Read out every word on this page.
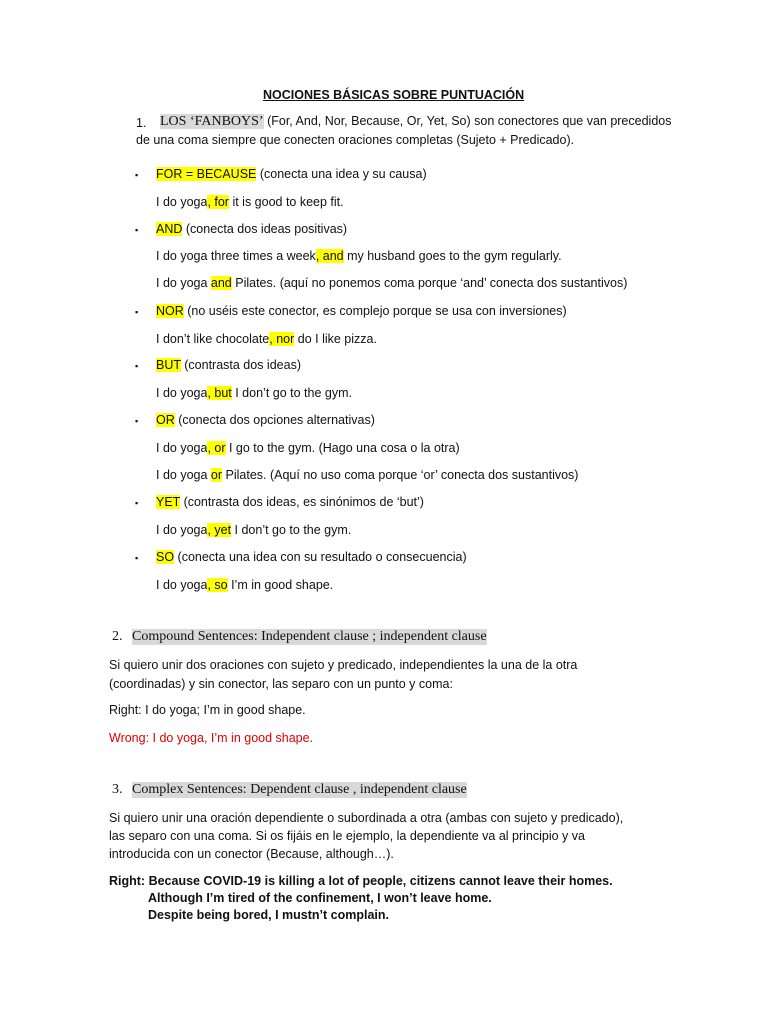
NOCIONES BÁSICAS SOBRE PUNTUACIÓN
1. LOS ‘FANBOYS’ (For, And, Nor, Because, Or, Yet, So) son conectores que van precedidos
de una coma siempre que conecten oraciones completas (Sujeto + Predicado).
▪ FOR = BECAUSE (conecta una idea y su causa)
I do yoga, for it is good to keep fit.
▪ AND (conecta dos ideas positivas)
I do yoga three times a week, and my husband goes to the gym regularly.
I do yoga and Pilates. (aquí no ponemos coma porque ‘and’ conecta dos sustantivos)
▪ NOR (no uséis este conector, es complejo porque se usa con inversiones)
I don’t like chocolate, nor do I like pizza.
▪ BUT (contrasta dos ideas)
I do yoga, but I don’t go to the gym.
▪ OR (conecta dos opciones alternativas)
I do yoga, or I go to the gym. (Hago una cosa o la otra)
I do yoga or Pilates. (Aquí no uso coma porque ‘or’ conecta dos sustantivos)
▪ YET (contrasta dos ideas, es sinónimos de ‘but’)
I do yoga, yet I don’t go to the gym.
▪ SO (conecta una idea con su resultado o consecuencia)
I do yoga, so I’m in good shape.
2. Compound Sentences: Independent clause ; independent clause
Si quiero unir dos oraciones con sujeto y predicado, independientes la una de la otra
(coordinadas) y sin conector, las separo con un punto y coma:
Right: I do yoga; I’m in good shape.
Wrong: I do yoga, I’m in good shape.
3. Complex Sentences: Dependent clause , independent clause
Si quiero unir una oración dependiente o subordinada a otra (ambas con sujeto y predicado),
las separo con una coma. Si os fijáis en le ejemplo, la dependiente va al principio y va
introducida con un conector (Because, although…).
Right: Because COVID-19 is killing a lot of people, citizens cannot leave their homes.
Although I’m tired of the confinement, I won’t leave home.
Despite being bored, I mustn’t complain.
